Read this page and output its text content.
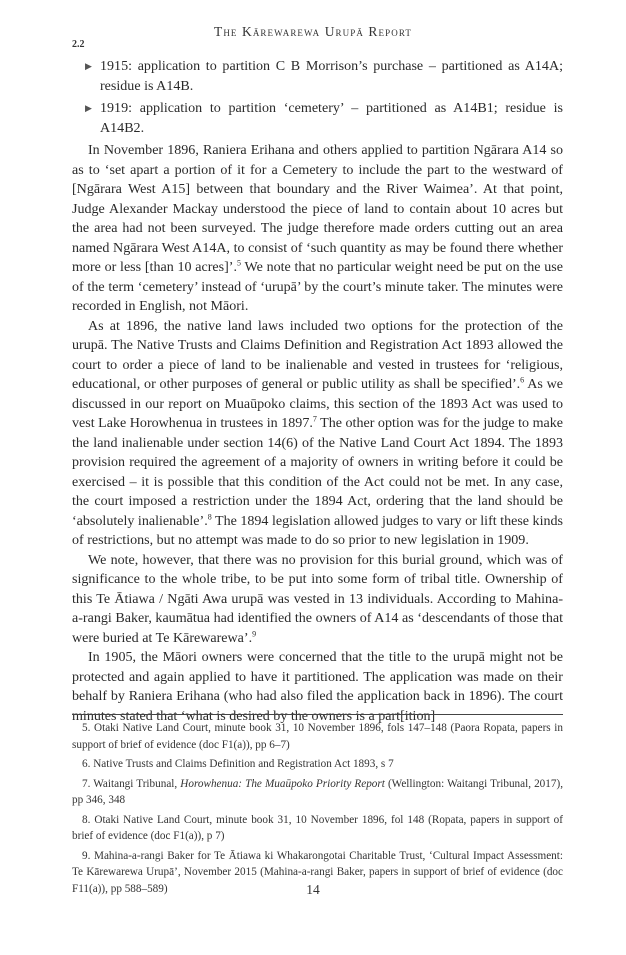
The Kārewarewa Urupā Report
2.2
▶ 1915: application to partition C B Morrison’s purchase – partitioned as A14A; residue is A14B.
▶ 1919: application to partition ‘cemetery’ – partitioned as A14B1; residue is A14B2.

In November 1896, Raniera Erihana and others applied to partition Ngārara A14 so as to ‘set apart a portion of it for a Cemetery to include the part to the westward of [Ngārara West A15] between that boundary and the River Waimea’. At that point, Judge Alexander Mackay understood the piece of land to contain about 10 acres but the area had not been surveyed. The judge therefore made orders cutting out an area named Ngārara West A14A, to consist of ‘such quantity as may be found there whether more or less [than 10 acres]’.$^5$ We note that no particular weight need be put on the use of the term ‘cemetery’ instead of ‘urupā’ by the court’s minute taker. The minutes were recorded in English, not Māori.

As at 1896, the native land laws included two options for the protection of the urupā. The Native Trusts and Claims Definition and Registration Act 1893 allowed the court to order a piece of land to be inalienable and vested in trustees for ‘religious, educational, or other purposes of general or public utility as shall be specified’.$^6$ As we discussed in our report on Muaūpoko claims, this section of the 1893 Act was used to vest Lake Horowhenua in trustees in 1897.$^7$ The other option was for the judge to make the land inalienable under section 14(6) of the Native Land Court Act 1894. The 1893 provision required the agreement of a majority of owners in writing before it could be exercised – it is possible that this condition of the Act could not be met. In any case, the court imposed a restriction under the 1894 Act, ordering that the land should be ‘absolutely inalienable’.$^8$ The 1894 legislation allowed judges to vary or lift these kinds of restrictions, but no attempt was made to do so prior to new legislation in 1909.

We note, however, that there was no provision for this burial ground, which was of significance to the whole tribe, to be put into some form of tribal title. Ownership of this Te Ātiawa / Ngāti Awa urupā was vested in 13 individuals. According to Mahina-a-rangi Baker, kaumātua had identified the owners of A14 as ‘descendants of those that were buried at Te Kārewarewa’.$^9$

In 1905, the Māori owners were concerned that the title to the urupā might not be protected and again applied to have it partitioned. The application was made on their behalf by Raniera Erihana (who had also filed the application back in 1896). The court minutes stated that ‘what is desired by the owners is a part[ition]

5. Otaki Native Land Court, minute book 31, 10 November 1896, fols 147–148 (Paora Ropata, papers in support of brief of evidence (doc F1(a)), pp 6–7)

6. Native Trusts and Claims Definition and Registration Act 1893, s 7

7. Waitangi Tribunal, Horowhenua: The Muaūpoko Priority Report (Wellington: Waitangi Tribunal, 2017), pp 346, 348

8. Otaki Native Land Court, minute book 31, 10 November 1896, fol 148 (Ropata, papers in support of brief of evidence (doc F1(a)), p 7)

9. Mahina-a-rangi Baker for Te Ātiawa ki Whakarongotai Charitable Trust, ‘Cultural Impact Assessment: Te Kārewarewa Urupā’, November 2015 (Mahina-a-rangi Baker, papers in support of brief of evidence (doc F11(a)), pp 588–589)	14
